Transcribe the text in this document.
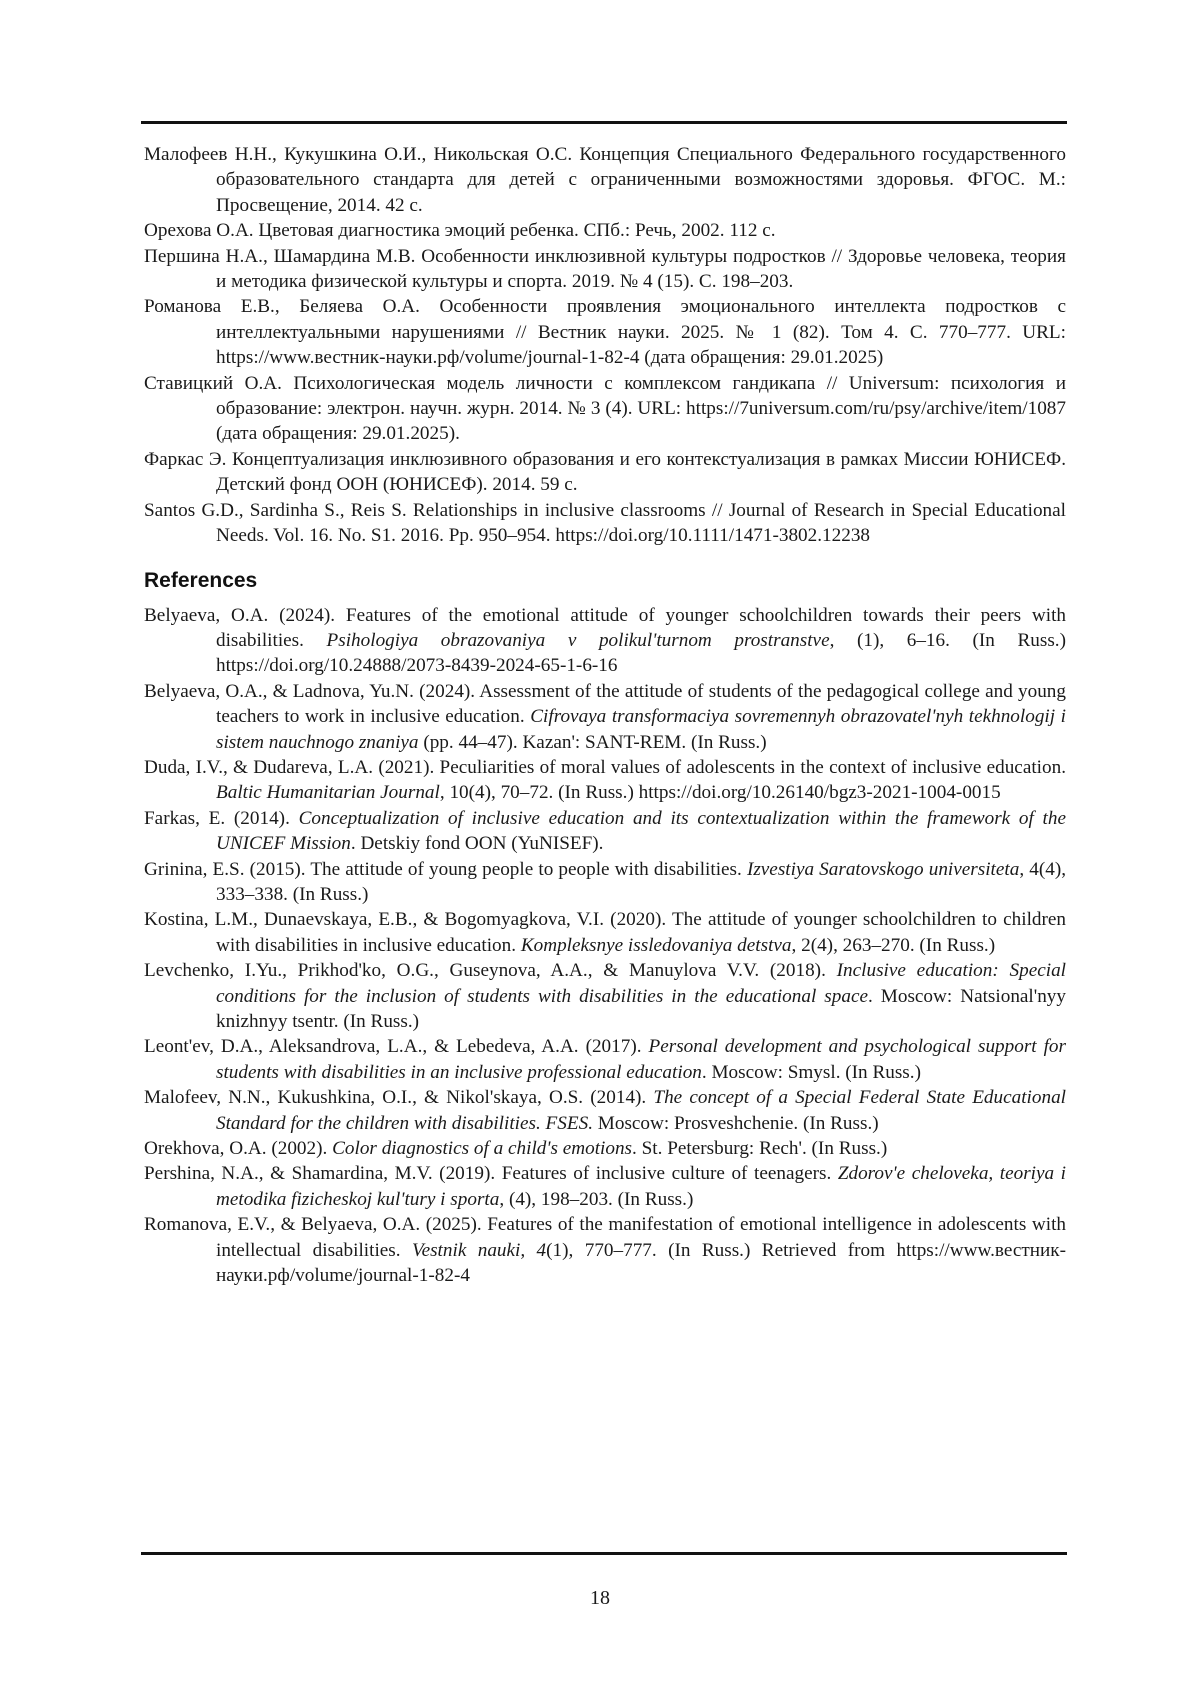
Малофеев Н.Н., Кукушкина О.И., Никольская О.С. Концепция Специального Федерального государственного образовательного стандарта для детей с ограниченными возможностями здоровья. ФГОС. М.: Просвещение, 2014. 42 с.

Орехова О.А. Цветовая диагностика эмоций ребенка. СПб.: Речь, 2002. 112 с.

Першина Н.А., Шамардина М.В. Особенности инклюзивной культуры подростков // Здоровье человека, теория и методика физической культуры и спорта. 2019. № 4 (15). С. 198–203.

Романова Е.В., Беляева О.А. Особенности проявления эмоционального интеллекта подростков с интеллектуальными нарушениями // Вестник науки. 2025. № 1 (82). Том 4. С. 770–777. URL: https://www.вестник-науки.рф/volume/journal-1-82-4 (дата обращения: 29.01.2025)

Ставицкий О.А. Психологическая модель личности с комплексом гандикапа // Universum: психология и образование: электрон. научн. журн. 2014. № 3 (4). URL: https://7universum.com/ru/psy/archive/item/1087 (дата обращения: 29.01.2025).

Фаркас Э. Концептуализация инклюзивного образования и его контекстуализация в рамках Миссии ЮНИСЕФ. Детский фонд ООН (ЮНИСЕФ). 2014. 59 с.

Santos G.D., Sardinha S., Reis S. Relationships in inclusive classrooms // Journal of Research in Special Educational Needs. Vol. 16. No. S1. 2016. Pp. 950–954. https://doi.org/10.1111/1471-3802.12238

References

Belyaeva, O.A. (2024). Features of the emotional attitude of younger schoolchildren towards their peers with disabilities. Psihologiya obrazovaniya v polikul'turnom prostranstve, (1), 6–16. (In Russ.) https://doi.org/10.24888/2073-8439-2024-65-1-6-16

Belyaeva, O.A., & Ladnova, Yu.N. (2024). Assessment of the attitude of students of the pedagogical college and young teachers to work in inclusive education. Cifrovaya transformaciya sovremennyh obrazovatel'nyh tekhnologij i sistem nauchnogo znaniya (pp. 44–47). Kazan': SANT-REM. (In Russ.)

Duda, I.V., & Dudareva, L.A. (2021). Peculiarities of moral values of adolescents in the context of inclusive education. Baltic Humanitarian Journal, 10(4), 70–72. (In Russ.) https://doi.org/10.26140/bgz3-2021-1004-0015

Farkas, E. (2014). Conceptualization of inclusive education and its contextualization within the framework of the UNICEF Mission. Detskiy fond OON (YuNISEF).

Grinina, E.S. (2015). The attitude of young people to people with disabilities. Izvestiya Saratovskogo universiteta, 4(4), 333–338. (In Russ.)

Kostina, L.M., Dunaevskaya, E.B., & Bogomyagkova, V.I. (2020). The attitude of younger schoolchildren to children with disabilities in inclusive education. Kompleksnye issledovaniya detstva, 2(4), 263–270. (In Russ.)

Levchenko, I.Yu., Prikhod'ko, O.G., Guseynova, A.A., & Manuylova V.V. (2018). Inclusive education: Special conditions for the inclusion of students with disabilities in the educational space. Moscow: Natsional'nyy knizhnyy tsentr. (In Russ.)

Leont'ev, D.A., Aleksandrova, L.A., & Lebedeva, A.A. (2017). Personal development and psychological support for students with disabilities in an inclusive professional education. Moscow: Smysl. (In Russ.)

Malofeev, N.N., Kukushkina, O.I., & Nikol'skaya, O.S. (2014). The concept of a Special Federal State Educational Standard for the children with disabilities. FSES. Moscow: Prosveshchenie. (In Russ.)

Orekhova, O.A. (2002). Color diagnostics of a child's emotions. St. Petersburg: Rech'. (In Russ.)

Pershina, N.A., & Shamardina, M.V. (2019). Features of inclusive culture of teenagers. Zdorov'e cheloveka, teoriya i metodika fizicheskoj kul'tury i sporta, (4), 198–203. (In Russ.)

Romanova, E.V., & Belyaeva, O.A. (2025). Features of the manifestation of emotional intelligence in adolescents with intellectual disabilities. Vestnik nauki, 4(1), 770–777. (In Russ.) Retrieved from https://www.вестник-науки.рф/volume/journal-1-82-4

18
